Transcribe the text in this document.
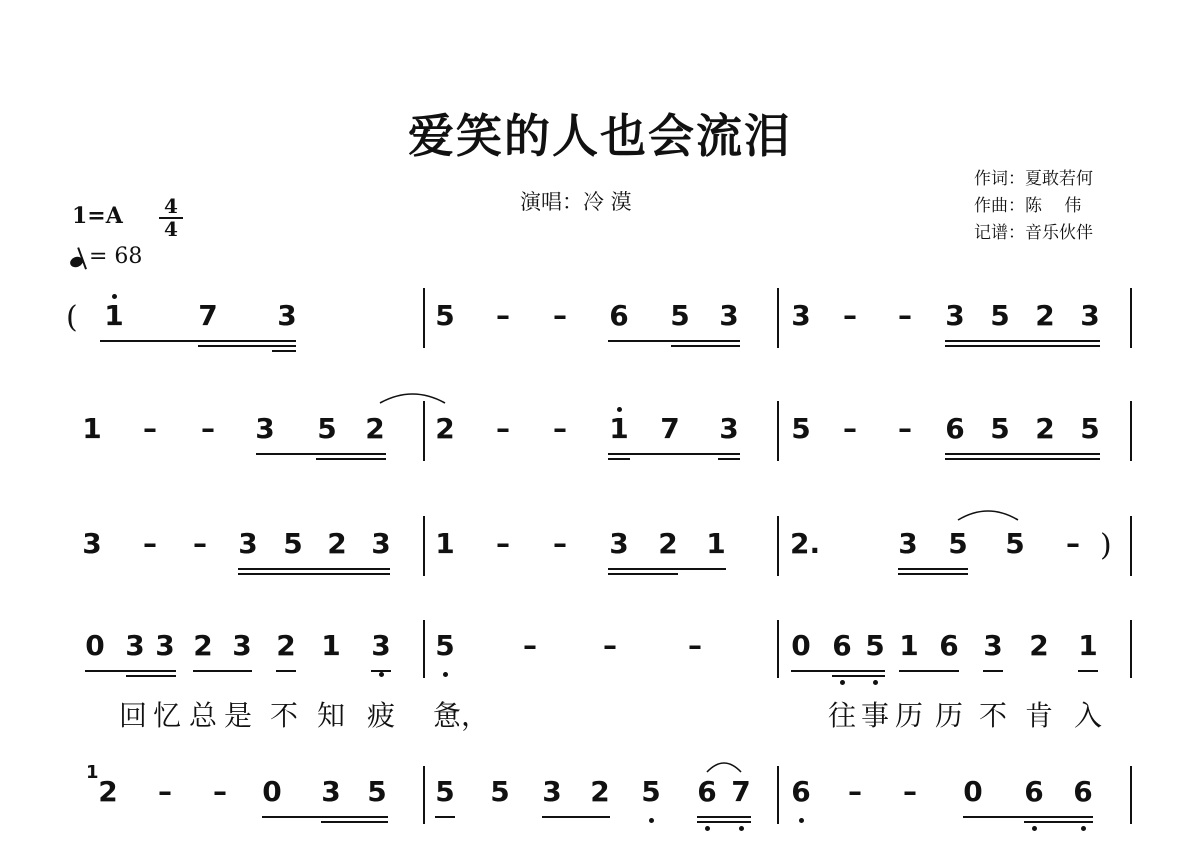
爱笑的人也会流泪
演唱：冷 漠
作词：夏敢若何
作曲：陈　 伟
记谱：音乐伙伴
1=A	4
4
= 68
( 1	7 3	5 – – 6 5 3 3 – – 3 5 2 3
1 – – 3 5 2 2 – – 1 7 3 5 – – 6 5 2 5
3 – – 3 5 2 3 1 – – 3 2 1 2.	3 5 5 – )
0 3 3 2 3 2 1 3 5 – –	–	0 6 5 1 6 3 2 1
回 忆 总 是 不 知 疲 惫，	往 事 历 历 不 肯 入
1
2 – – 0 3 5 5 5 3 2 5 6 7 6 – – 0 6 6
